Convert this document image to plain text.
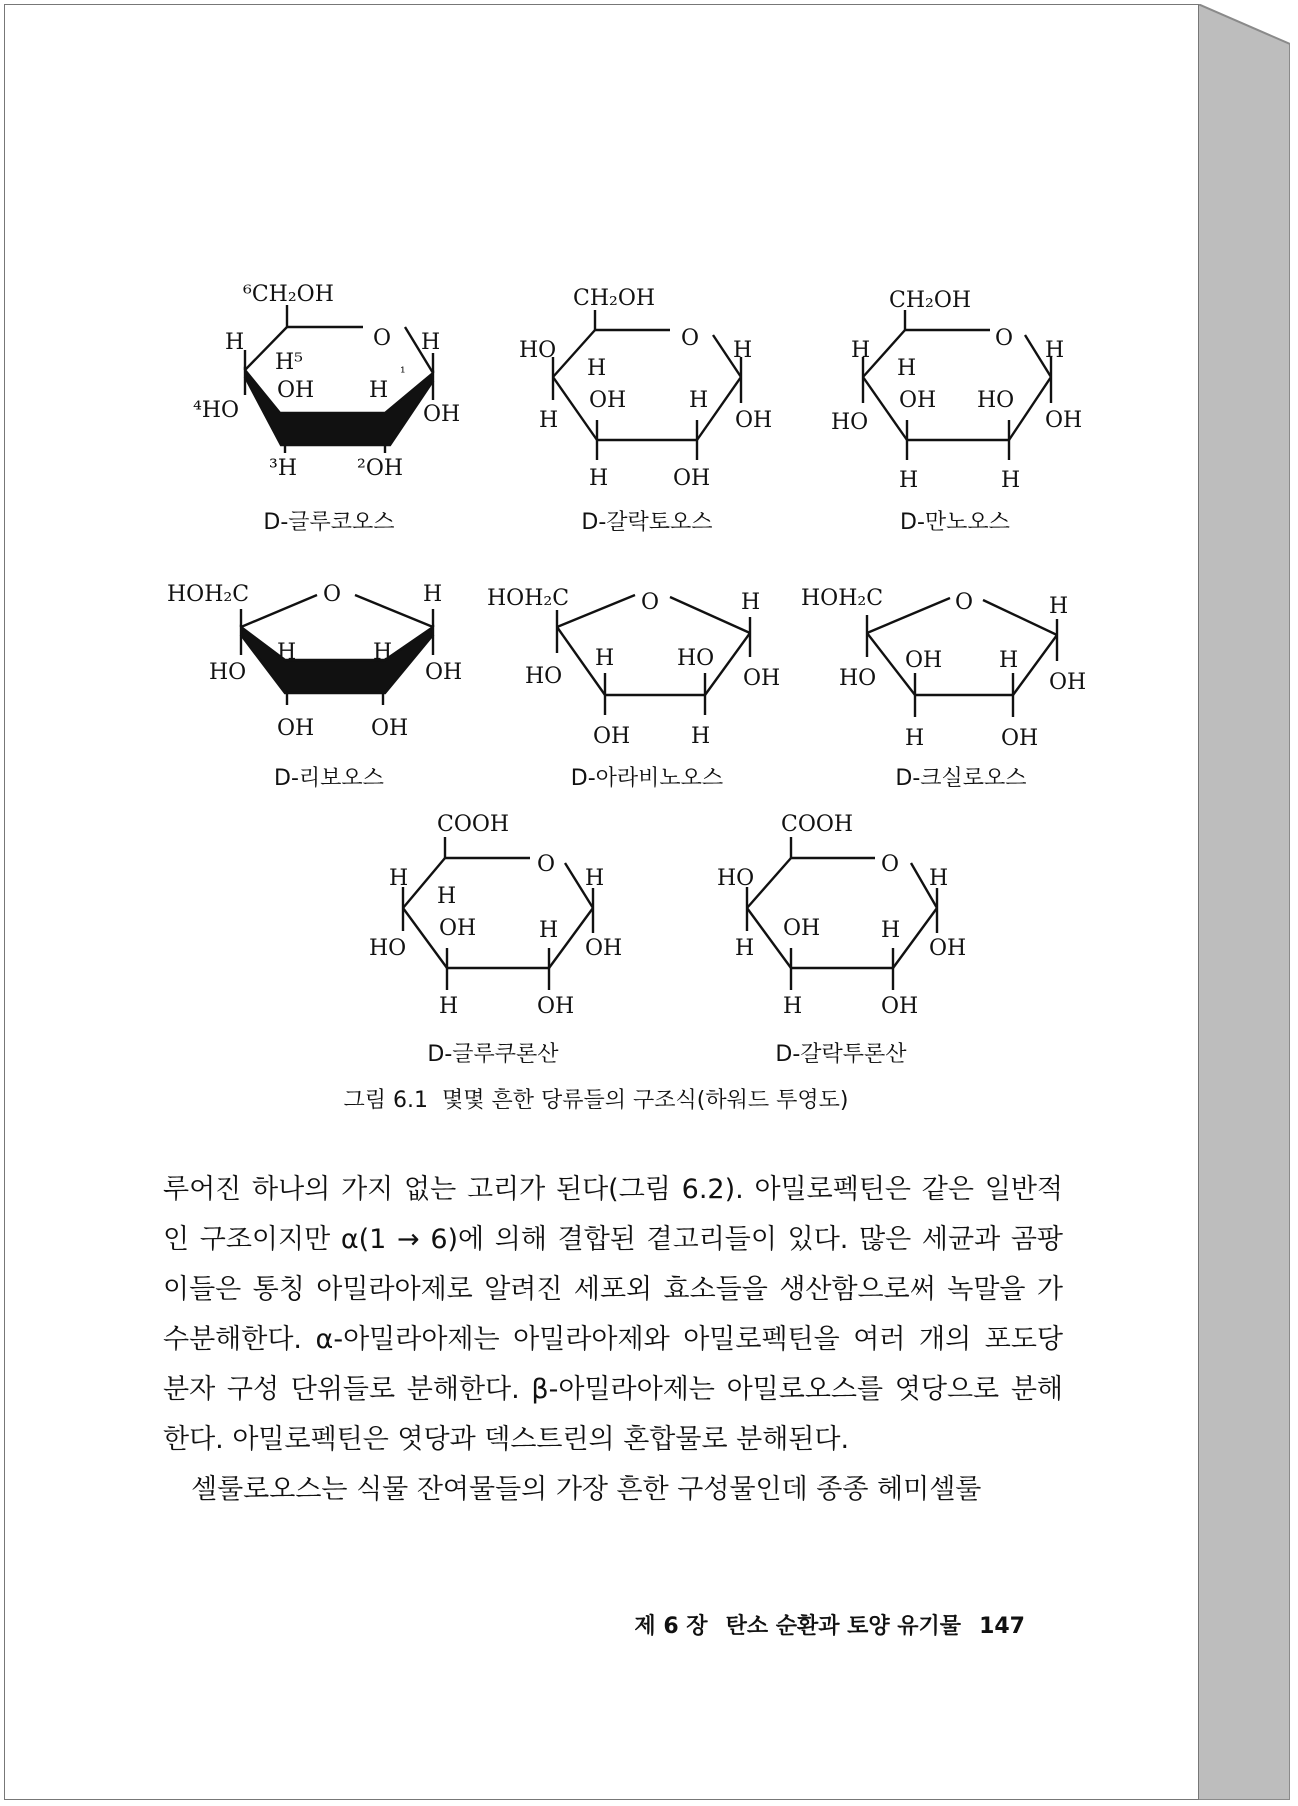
⁶CH₂OH
H	O H
H⁵	¹
⁴HO
OH H
OH
³H	²OH
CH₂OH
HO	O H
H
H
OH	H
OH
H	OH
CH₂OH
H	O H
H
HO
OH HO
OH
H	H
HOH₂C	O	H
H	H
HO	OH
OH	OH
HOH₂C	O	H
H	HO
HO	OH
OH	H
HOH₂C	O	H
OH	H
HO	OH
H	OH
COOH
H
O
H
H
HO
OH	H
OH
H	OH
COOH
HO
O
H
H
H
OH
OH
H	OH
D-글루코오스	D-갈락토오스	D-만노오스
D-리보오스	D-아라비노오스	D-크실로오스
D-글루쿠론산	D-갈락투론산
그림 6.1 몇몇 흔한 당류들의 구조식(하워드 투영도)

루어진 하나의 가지 없는 고리가 된다(그림 6.2). 아밀로펙틴은 같은 일반적인 구조이지만 α(1 → 6)에 의해 결합된 곁고리들이 있다. 많은 세균과 곰팡이들은 통칭 아밀라아제로 알려진 세포외 효소들을 생산함으로써 녹말을 가수분해한다. α-아밀라아제는 아밀라아제와 아밀로펙틴을 여러 개의 포도당 분자 구성 단위들로 분해한다. β-아밀라아제는 아밀로오스를 엿당으로 분해한다. 아밀로펙틴은 엿당과 덱스트린의 혼합물로 분해된다.

셀룰로오스는 식물 잔여물들의 가장 흔한 구성물인데 종종 헤미셀룰

제 6 장 탄소 순환과 토양 유기물 147
